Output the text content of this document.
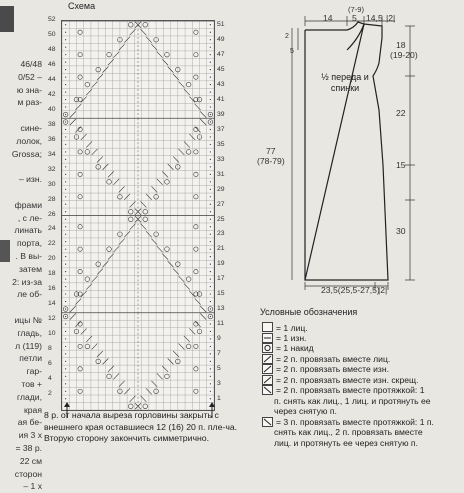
46/48
0/52 –
ю зна-
м раз-
синe-
лолок,
Grossa;
– изн.
фрами
, с ле-
линать
порта,
. В вы-
затем
2: из-за
ле об-
ицы №
гладь,
л (119)
петли
гар-
тов +
глади,
края
ая бе-
ия 3 х
= 38 р.
22 см
сторон
– 1 х
Схема
51
49
47
45
43
41
39
37
35
33
31
29
27
25
23
21
19
17
15
13
11
9
7
5
3
1
52
50
48
46
44
42
40
38
36
34
32
30
28
26
24
22
20
18
16
14
12
10
8
6
4
2
8 р. от начала выреза горловины закрыть с внешнего края оставшиеся 12 (16) 20 п. пле-ча. Вторую сторону закончить симметрично.
14
(7-9)
5 14,5 |2|
2
5
18
(19-20)
22
15
30
77
(78-79)
23,5(25,5-27,5)
|2|
½ переда и спинки
Условные обозначения
= 1 лиц.
= 1 изн.
= 1 накид
= 2 п. провязать вместе лиц.
= 2 п. провязать вместе изн.
= 2 п. провязать вместе изн. скрещ.
= 2 п. провязать вместе протяжкой: 1
п. снять как лиц., 1 лиц. и протянуть ее
через снятую п.
= 3 п. провязать вместе протяжкой: 1 п.
снять как лиц., 2 п. провязать вместе
лиц. и протянуть ее через снятую п.
